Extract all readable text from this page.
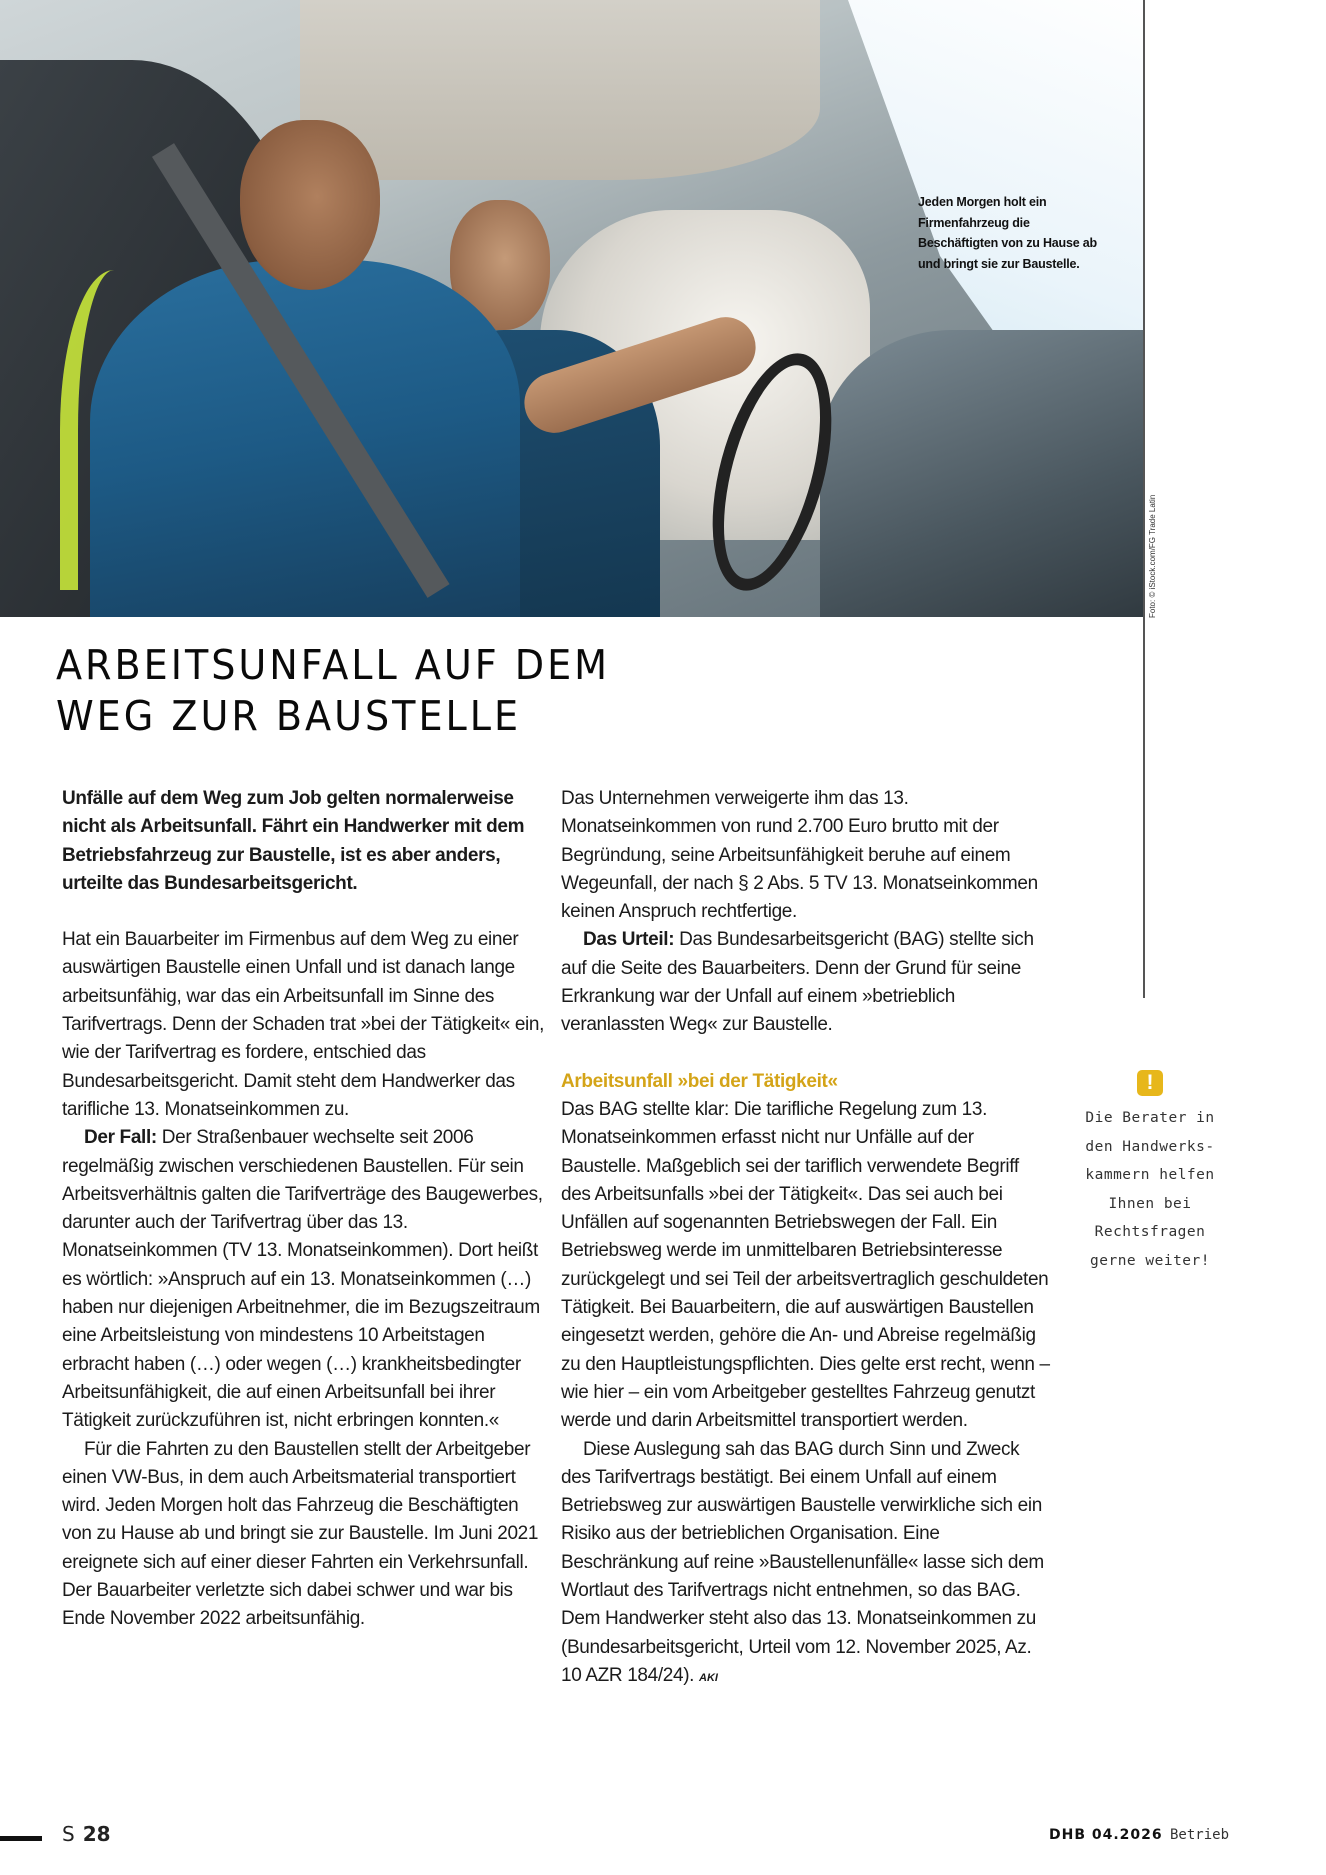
Jeden Morgen holt ein Firmenfahrzeug die Beschäftigten von zu Hause ab und bringt sie zur Baustelle.
Foto: © iStock.com/FG Trade Latin
ARBEITSUNFALL AUF DEM
WEG ZUR BAUSTELLE

Unfälle auf dem Weg zum Job gelten normalerweise nicht als Arbeitsunfall. Fährt ein Handwerker mit dem Betriebsfahrzeug zur Baustelle, ist es aber anders, urteilte das Bundesarbeitsgericht.

Hat ein Bauarbeiter im Firmenbus auf dem Weg zu einer auswärtigen Baustelle einen Unfall und ist danach lange arbeitsunfähig, war das ein Arbeitsunfall im Sinne des Tarifvertrags. Denn der Schaden trat »bei der Tätigkeit« ein, wie der Tarifvertrag es fordere, entschied das Bundesarbeitsgericht. Damit steht dem Handwerker das tarifliche 13. Monatseinkommen zu.

Der Fall: Der Straßenbauer wechselte seit 2006 regelmäßig zwischen verschiedenen Baustellen. Für sein Arbeitsverhältnis galten die Tarifverträge des Baugewerbes, darunter auch der Tarifvertrag über das 13. Monatseinkommen (TV 13. Monatseinkommen). Dort heißt es wörtlich: »Anspruch auf ein 13. Monatseinkommen (…) haben nur diejenigen Arbeitnehmer, die im Bezugszeitraum eine Arbeitsleistung von mindestens 10 Arbeitstagen erbracht haben (…) oder wegen (…) krankheitsbedingter Arbeitsunfähigkeit, die auf einen Arbeitsunfall bei ihrer Tätigkeit zurückzuführen ist, nicht erbringen konnten.«

Für die Fahrten zu den Baustellen stellt der Arbeitgeber einen VW-Bus, in dem auch Arbeitsmaterial transportiert wird. Jeden Morgen holt das Fahrzeug die Beschäftigten von zu Hause ab und bringt sie zur Baustelle. Im Juni 2021 ereignete sich auf einer dieser Fahrten ein Verkehrsunfall. Der Bauarbeiter verletzte sich dabei schwer und war bis Ende November 2022 arbeitsunfähig.

Das Unternehmen verweigerte ihm das 13. Monatseinkommen von rund 2.700 Euro brutto mit der Begründung, seine Arbeitsunfähigkeit beruhe auf einem Wegeunfall, der nach § 2 Abs. 5 TV 13. Monatseinkommen keinen Anspruch rechtfertige.

Das Urteil: Das Bundesarbeitsgericht (BAG) stellte sich auf die Seite des Bauarbeiters. Denn der Grund für seine Erkrankung war der Unfall auf einem »betrieblich veranlassten Weg« zur Baustelle.

Arbeitsunfall »bei der Tätigkeit«

Das BAG stellte klar: Die tarifliche Regelung zum 13. Monatseinkommen erfasst nicht nur Unfälle auf der Baustelle. Maßgeblich sei der tariflich verwendete Begriff des Arbeitsunfalls »bei der Tätigkeit«. Das sei auch bei Unfällen auf sogenannten Betriebswegen der Fall. Ein Betriebsweg werde im unmittelbaren Betriebsinteresse zurückgelegt und sei Teil der arbeitsvertraglich geschuldeten Tätigkeit. Bei Bauarbeitern, die auf auswärtigen Baustellen eingesetzt werden, gehöre die An- und Abreise regelmäßig zu den Hauptleistungspflichten. Dies gelte erst recht, wenn – wie hier – ein vom Arbeitgeber gestelltes Fahrzeug genutzt werde und darin Arbeitsmittel transportiert werden.

Diese Auslegung sah das BAG durch Sinn und Zweck des Tarifvertrags bestätigt. Bei einem Unfall auf einem Betriebsweg zur auswärtigen Baustelle verwirkliche sich ein Risiko aus der betrieblichen Organisation. Eine Beschränkung auf reine »Baustellenunfälle« lasse sich dem Wortlaut des Tarifvertrags nicht entnehmen, so das BAG. Dem Handwerker steht also das 13. Monatseinkommen zu (Bundesarbeitsgericht, Urteil vom 12. November 2025, Az. 10 AZR 184/24). AKI

!
Die Berater in den Handwerks-kammern helfen Ihnen bei Rechtsfragen gerne weiter!
S 28	DHB 04.2026 Betrieb
